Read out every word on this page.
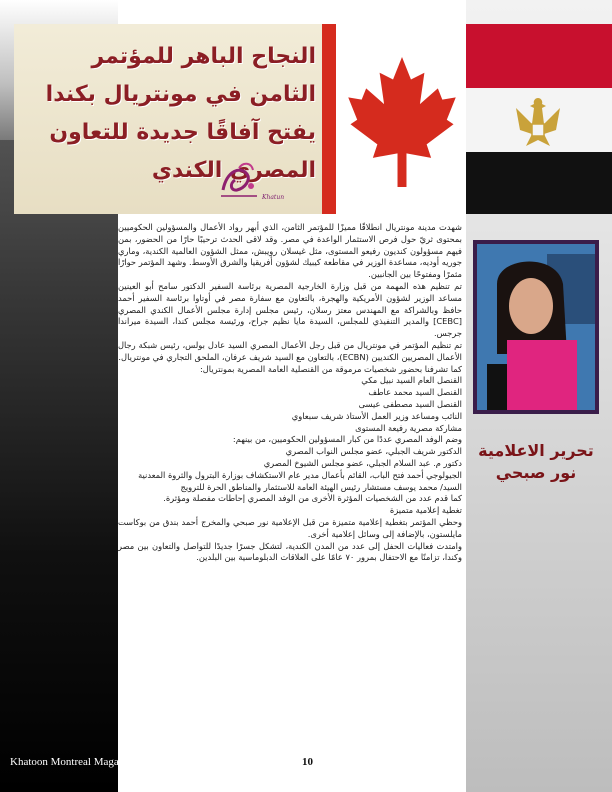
النجاح الباهر للمؤتمر الثامن في مونتريال بكندا يفتح آفاقًا جديدة للتعاون المصري الكندي
Khatun
تحرير الاعلامية
نور صبحي

شهدت مدينة مونتريال انطلاقًا مميزًا للمؤتمر الثامن، الذي أبهر رواد الأعمال والمسؤولين الحكوميين بمحتوى ثريّ حول فرص الاستثمار الواعدة في مصر. وقد لاقى الحدث ترحيبًا حارًا من الحضور، بمن فيهم مسؤولون كنديون رفيعو المستوى، مثل غيسلان رويبش، ممثل الشؤون العالمية الكندية، وماري جوريه أوديه، مساعدة الوزير في مقاطعة كيبيك لشؤون أفريقيا والشرق الأوسط. وشهد المؤتمر حوارًا مثمرًا ومفتوحًا بين الجانبين.

تم تنظيم هذه المهمة من قبل وزارة الخارجية المصرية برئاسة السفير الدكتور سامح أبو العينين مساعد الوزير لشؤون الأمريكية والهجرة، بالتعاون مع سفارة مصر في أوتاوا برئاسة السفير أحمد حافظ وبالشراكة مع المهندس معتز رسلان، رئيس مجلس إدارة مجلس الأعمال الكندي المصري [CEBC] والمدير التنفيذي للمجلس، السيدة مايا نظيم جراح، ورئيسة مجلس كندا، السيدة ميراندا جرجس.

تم تنظيم المؤتمر في مونتريال من قبل رجل الأعمال المصري السيد عادل بولس، رئيس شبكة رجال الأعمال المصريين الكنديين (ECBN)، بالتعاون مع السيد شريف عرفان، الملحق التجاري في مونتريال.

كما تشرفنا بحضور شخصيات مرموقة من القنصلية العامة المصرية بمونتريال:

القنصل العام السيد نبيل مكي

القنصل السيد محمد عاطف

القنصل السيد مصطفى عيسى

النائب ومساعد وزير العمل الأستاذ شريف سبعاوي

مشاركة مصرية رفيعة المستوى

وضم الوفد المصري عددًا من كبار المسؤولين الحكوميين، من بينهم:

الدكتور شريف الجبلي، عضو مجلس النواب المصري

دكتور م. عبد السلام الجبلي، عضو مجلس الشيوخ المصري

الجيولوجي أحمد فتح الباب، القائم بأعمال مدير عام الاستكشاف بوزارة البترول والثروة المعدنية

السيد/ محمد يوسف مستشار رئيس الهيئة العامة للاستثمار والمناطق الحرة للترويج

كما قدم عدد من الشخصيات المؤثرة الأخرى من الوفد المصري إحاطات مفصلة ومؤثرة.

تغطية إعلامية متميزة

وحظي المؤتمر بتغطية إعلامية متميزة من قبل الإعلامية نور صبحي والمخرج أحمد بندق من بوكاست مايلستون، بالإضافة إلى وسائل إعلامية أخرى.

وامتدت فعاليات الحفل إلى عدد من المدن الكندية، لتشكل جسرًا جديدًا للتواصل والتعاون بين مصر وكندا، تزامنًا مع الاحتفال بمرور ٧٠ عامًا على العلاقات الدبلوماسية بين البلدين.

Khatoon Montreal Magazine, May	10
